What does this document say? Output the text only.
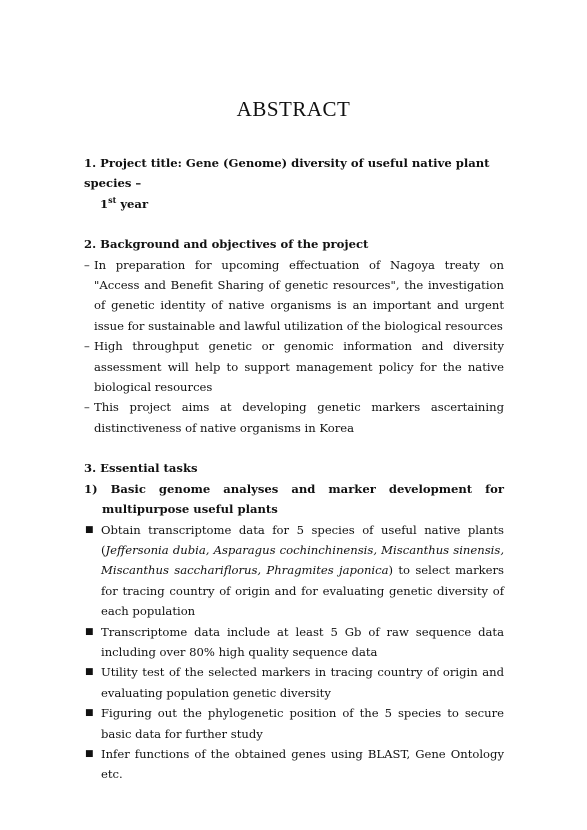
ABSTRACT
1. Project title: Gene (Genome) diversity of useful native plant species –
1st year
2. Background and objectives of the project
– In preparation for upcoming effectuation of Nagoya treaty on "Access and Benefit Sharing of genetic resources", the investigation of genetic identity of native organisms is an important and urgent issue for sustainable and lawful utilization of the biological resources
– High throughput genetic or genomic information and diversity assessment will help to support management policy for the native biological resources
– This project aims at developing genetic markers ascertaining distinctiveness of native organisms in Korea
3. Essential tasks
1) Basic genome analyses and marker development for multipurpose useful plants
■ Obtain transcriptome data for 5 species of useful native plants (Jeffersonia dubia, Asparagus cochinchinensis, Miscanthus sinensis, Miscanthus sacchariflorus, Phragmites japonica) to select markers for tracing country of origin and for evaluating genetic diversity of each population
■ Transcriptome data include at least 5 Gb of raw sequence data including over 80% high quality sequence data
■ Utility test of the selected markers in tracing country of origin and evaluating population genetic diversity
■ Figuring out the phylogenetic position of the 5 species to secure basic data for further study
■ Infer functions of the obtained genes using BLAST, Gene Ontology etc.
